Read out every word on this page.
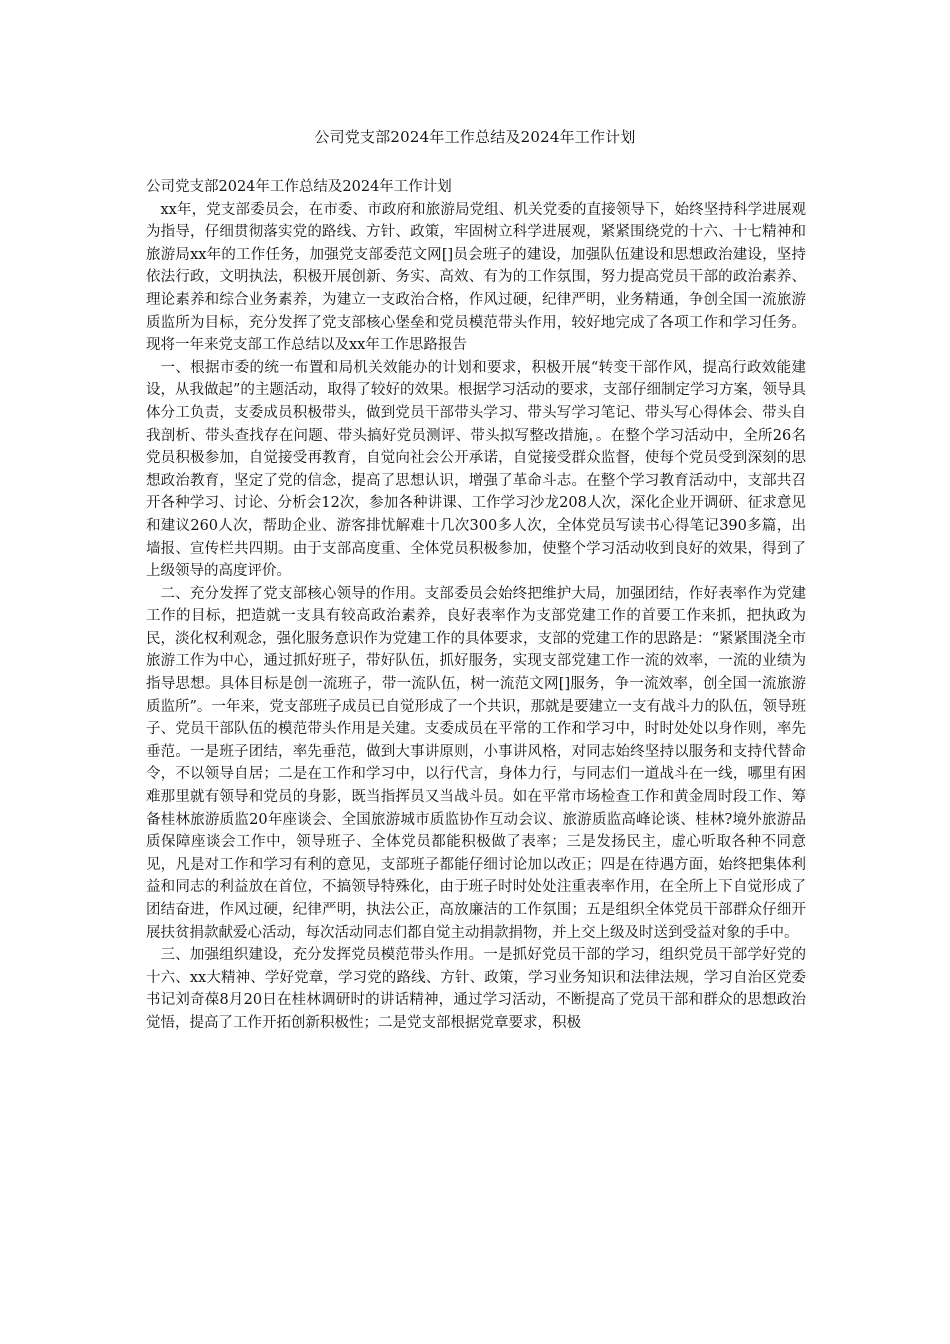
公司党支部2024年工作总结及2024年工作计划

公司党支部2024年工作总结及2024年工作计划

xx年，党支部委员会，在市委、市政府和旅游局党组、机关党委的直接领导下，始终坚持科学进展观为指导，仔细贯彻落实党的路线、方针、政策，牢固树立科学进展观，紧紧围绕党的十六、十七精神和旅游局xx年的工作任务，加强党支部委范文网[]员会班子的建设，加强队伍建设和思想政治建设，坚持依法行政，文明执法，积极开展创新、务实、高效、有为的工作氛围，努力提高党员干部的政治素养、理论素养和综合业务素养，为建立一支政治合格，作风过硬，纪律严明，业务精通，争创全国一流旅游质监所为目标，充分发挥了党支部核心堡垒和党员模范带头作用，较好地完成了各项工作和学习任务。现将一年来党支部工作总结以及xx年工作思路报告

一、根据市委的统一布置和局机关效能办的计划和要求，积极开展“转变干部作风，提高行政效能建设，从我做起”的主题活动，取得了较好的效果。根据学习活动的要求，支部仔细制定学习方案，领导具体分工负责，支委成员积极带头，做到党员干部带头学习、带头写学习笔记、带头写心得体会、带头自我剖析、带头查找存在问题、带头搞好党员测评、带头拟写整改措施，。在整个学习活动中，全所26名党员积极参加，自觉接受再教育，自觉向社会公开承诺，自觉接受群众监督，使每个党员受到深刻的思想政治教育，坚定了党的信念，提高了思想认识，增强了革命斗志。在整个学习教育活动中，支部共召开各种学习、讨论、分析会12次，参加各种讲课、工作学习沙龙208人次，深化企业开调研、征求意见和建议260人次，帮助企业、游客排忧解难十几次300多人次，全体党员写读书心得笔记390多篇，出墙报、宣传栏共四期。由于支部高度重、全体党员积极参加，使整个学习活动收到良好的效果，得到了上级领导的高度评价。

二、充分发挥了党支部核心领导的作用。支部委员会始终把维护大局，加强团结，作好表率作为党建工作的目标，把造就一支具有较高政治素养，良好表率作为支部党建工作的首要工作来抓，把执政为民，淡化权利观念，强化服务意识作为党建工作的具体要求，支部的党建工作的思路是：“紧紧围浇全市旅游工作为中心，通过抓好班子，带好队伍，抓好服务，实现支部党建工作一流的效率，一流的业绩为指导思想。具体目标是创一流班子，带一流队伍，树一流范文网[]服务，争一流效率，创全国一流旅游质监所”。一年来，党支部班子成员已自觉形成了一个共识，那就是要建立一支有战斗力的队伍，领导班子、党员干部队伍的模范带头作用是关建。支委成员在平常的工作和学习中，时时处处以身作则，率先垂范。一是班子团结，率先垂范，做到大事讲原则，小事讲风格，对同志始终坚持以服务和支持代替命令，不以领导自居；二是在工作和学习中，以行代言，身体力行，与同志们一道战斗在一线，哪里有困难那里就有领导和党员的身影，既当指挥员又当战斗员。如在平常市场检查工作和黄金周时段工作、筹备桂林旅游质监20年座谈会、全国旅游城市质监协作互动会议、旅游质监高峰论谈、桂林?境外旅游品质保障座谈会工作中，领导班子、全体党员都能积极做了表率；三是发扬民主，虚心听取各种不同意见，凡是对工作和学习有利的意见，支部班子都能仔细讨论加以改正；四是在待遇方面，始终把集体利益和同志的利益放在首位，不搞领导特殊化，由于班子时时处处注重表率作用，在全所上下自觉形成了团结奋进，作风过硬，纪律严明，执法公正，高放廉洁的工作氛围；五是组织全体党员干部群众仔细开展扶贫捐款献爱心活动，每次活动同志们都自觉主动捐款捐物，并上交上级及时送到受益对象的手中。

三、加强组织建设，充分发挥党员模范带头作用。一是抓好党员干部的学习，组织党员干部学好党的十六、xx大精神、学好党章，学习党的路线、方针、政策，学习业务知识和法律法规，学习自治区党委书记刘奇葆8月20日在桂林调研时的讲话精神，通过学习活动，不断提高了党员干部和群众的思想政治觉悟，提高了工作开拓创新积极性；二是党支部根据党章要求，积极
